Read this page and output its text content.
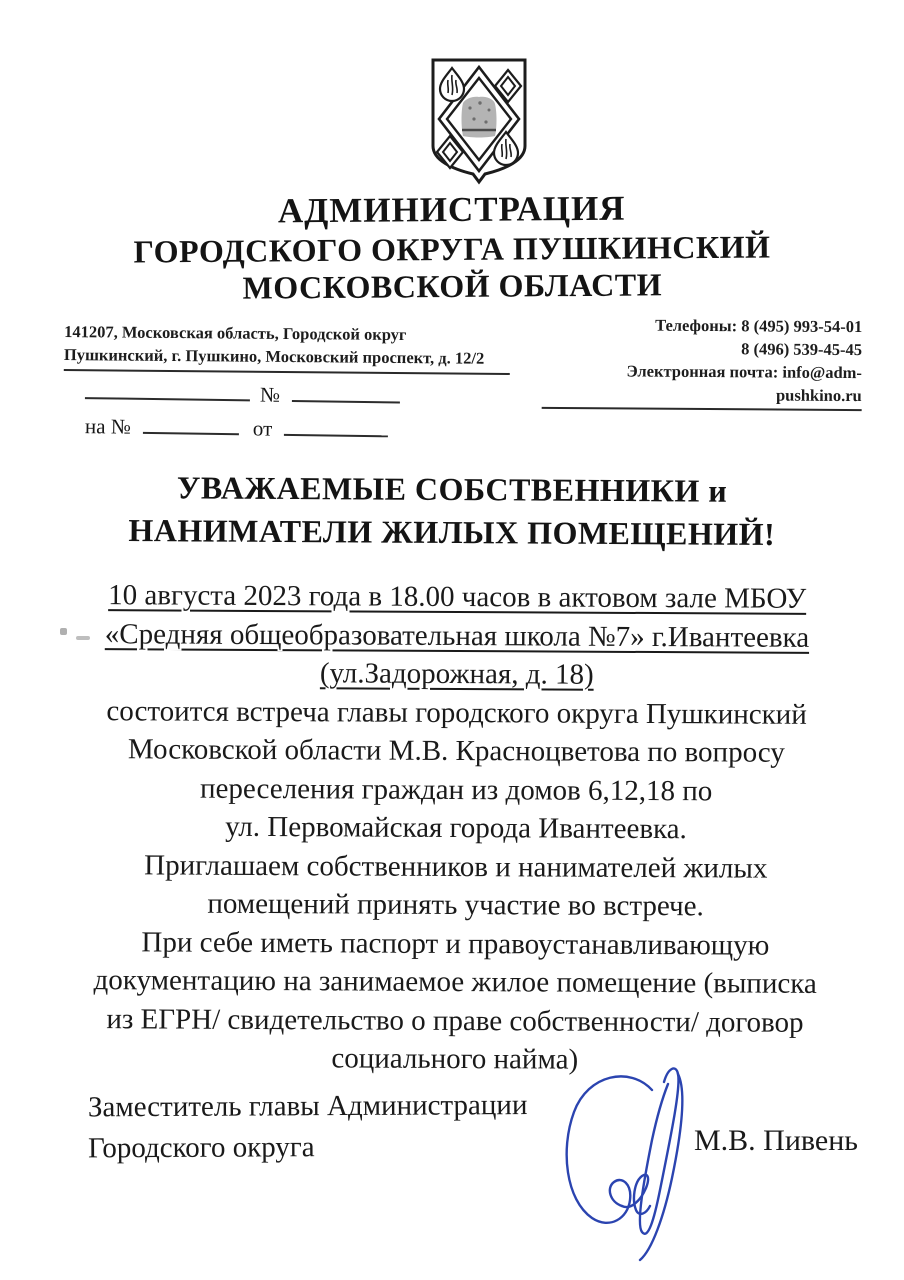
АДМИНИСТРАЦИЯ
ГОРОДСКОГО ОКРУГА ПУШКИНСКИЙ
МОСКОВСКОЙ ОБЛАСТИ
141207, Московская область, Городской округ
Пушкинский, г. Пушкино, Московский проспект, д. 12/2
Телефоны: 8 (495) 993-54-01
8 (496) 539-45-45
Электронная почта: info@adm-pushkino.ru
№
на №	от
УВАЖАЕМЫЕ СОБСТВЕННИКИ и
НАНИМАТЕЛИ ЖИЛЫХ ПОМЕЩЕНИЙ!
10 августа 2023 года в 18.00 часов в актовом зале МБОУ
«Средняя общеобразовательная школа №7» г.Ивантеевка
(ул.Задорожная, д. 18)
состоится встреча главы городского округа Пушкинский
Московской области М.В. Красноцветова по вопросу
переселения граждан из домов 6,12,18 по
ул. Первомайская города Ивантеевка.
Приглашаем собственников и нанимателей жилых
помещений принять участие во встрече.
При себе иметь паспорт и правоустанавливающую
документацию на занимаемое жилое помещение (выписка
из ЕГРН/ свидетельство о праве собственности/ договор
социального найма)
Заместитель главы Администрации
Городского округа	М.В. Пивень
